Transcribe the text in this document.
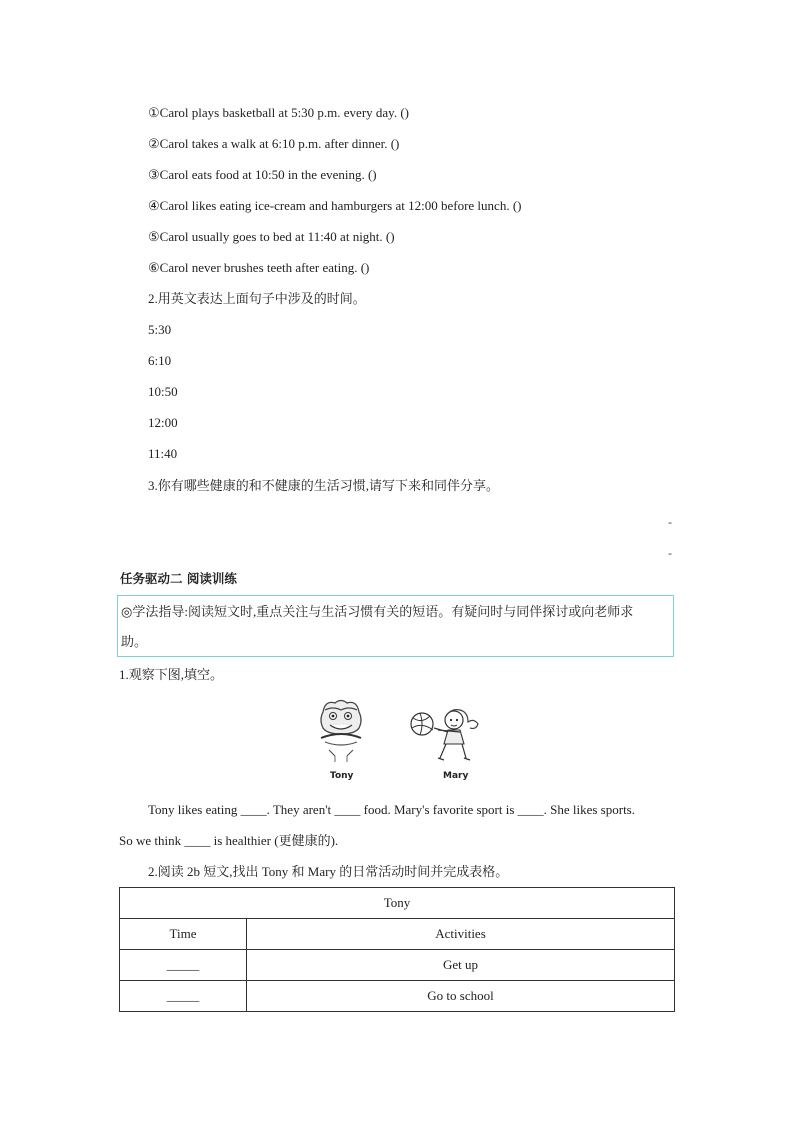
①Carol plays basketball at 5:30 p.m. every day. ()
②Carol takes a walk at 6:10 p.m. after dinner. ()
③Carol eats food at 10:50 in the evening. ()
④Carol likes eating ice-cream and hamburgers at 12:00 before lunch. ()
⑤Carol usually goes to bed at 11:40 at night. ()
⑥Carol never brushes teeth after eating. ()
2.用英文表达上面句子中涉及的时间。
5:30
6:10
10:50
12:00
11:40
3.你有哪些健康的和不健康的生活习惯,请写下来和同伴分享。
-
-
任务驱动二 阅读训练
◎学法指导:阅读短文时,重点关注与生活习惯有关的短语。有疑问时与同伴探讨或向老师求
助。
1.观察下图,填空。
Tony	Mary
Tony likes eating ____. They aren't ____ food. Mary's favorite sport is ____. She likes sports.
So we think ____ is healthier (更健康的).
2.阅读 2b 短文,找出 Tony 和 Mary 的日常活动时间并完成表格。
Tony	
Time	Activities
_____	Get up
_____	Go to school
